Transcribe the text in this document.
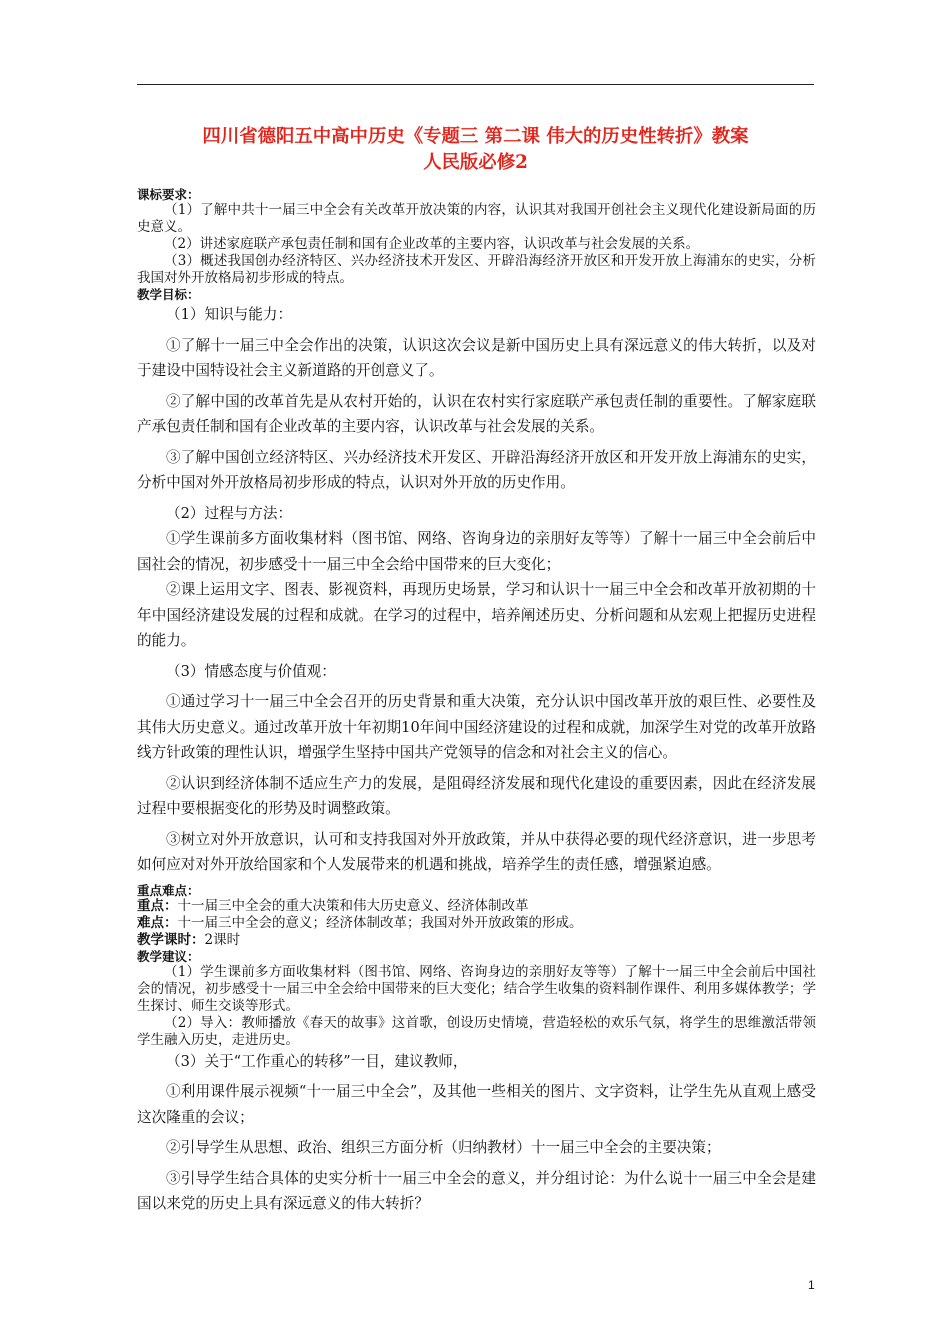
四川省德阳五中高中历史《专题三 第二课 伟大的历史性转折》教案
人民版必修2

课标要求：

（1）了解中共十一届三中全会有关改革开放决策的内容，认识其对我国开创社会主义现代化建设新局面的历史意义。

（2）讲述家庭联产承包责任制和国有企业改革的主要内容，认识改革与社会发展的关系。

（3）概述我国创办经济特区、兴办经济技术开发区、开辟沿海经济开放区和开发开放上海浦东的史实，分析我国对外开放格局初步形成的特点。

教学目标：

（1）知识与能力：

①了解十一届三中全会作出的决策，认识这次会议是新中国历史上具有深远意义的伟大转折，以及对于建设中国特设社会主义新道路的开创意义了。

②了解中国的改革首先是从农村开始的，认识在农村实行家庭联产承包责任制的重要性。了解家庭联产承包责任制和国有企业改革的主要内容，认识改革与社会发展的关系。

③了解中国创立经济特区、兴办经济技术开发区、开辟沿海经济开放区和开发开放上海浦东的史实，分析中国对外开放格局初步形成的特点，认识对外开放的历史作用。

（2）过程与方法：

①学生课前多方面收集材料（图书馆、网络、咨询身边的亲朋好友等等）了解十一届三中全会前后中国社会的情况，初步感受十一届三中全会给中国带来的巨大变化；

②课上运用文字、图表、影视资料，再现历史场景，学习和认识十一届三中全会和改革开放初期的十年中国经济建设发展的过程和成就。在学习的过程中，培养阐述历史、分析问题和从宏观上把握历史进程的能力。

（3）情感态度与价值观：

①通过学习十一届三中全会召开的历史背景和重大决策，充分认识中国改革开放的艰巨性、必要性及其伟大历史意义。通过改革开放十年初期10年间中国经济建设的过程和成就，加深学生对党的改革开放路线方针政策的理性认识，增强学生坚持中国共产党领导的信念和对社会主义的信心。

②认识到经济体制不适应生产力的发展，是阻碍经济发展和现代化建设的重要因素，因此在经济发展过程中要根据变化的形势及时调整政策。

③树立对外开放意识，认可和支持我国对外开放政策，并从中获得必要的现代经济意识，进一步思考如何应对对外开放给国家和个人发展带来的机遇和挑战，培养学生的责任感，增强紧迫感。

重点难点：

重点：十一届三中全会的重大决策和伟大历史意义、经济体制改革

难点：十一届三中全会的意义；经济体制改革；我国对外开放政策的形成。

教学课时：2课时

教学建议：

（1）学生课前多方面收集材料（图书馆、网络、咨询身边的亲朋好友等等）了解十一届三中全会前后中国社会的情况，初步感受十一届三中全会给中国带来的巨大变化；结合学生收集的资料制作课件、利用多媒体教学；学生探讨、师生交谈等形式。

（2）导入：教师播放《春天的故事》这首歌，创设历史情境，营造轻松的欢乐气氛，将学生的思维激活带领学生融入历史，走进历史。

（3）关于“工作重心的转移”一目，建议教师，

①利用课件展示视频“十一届三中全会”，及其他一些相关的图片、文字资料，让学生先从直观上感受这次隆重的会议；

②引导学生从思想、政治、组织三方面分析（归纳教材）十一届三中全会的主要决策；

③引导学生结合具体的史实分析十一届三中全会的意义，并分组讨论：为什么说十一届三中全会是建国以来党的历史上具有深远意义的伟大转折？

1
